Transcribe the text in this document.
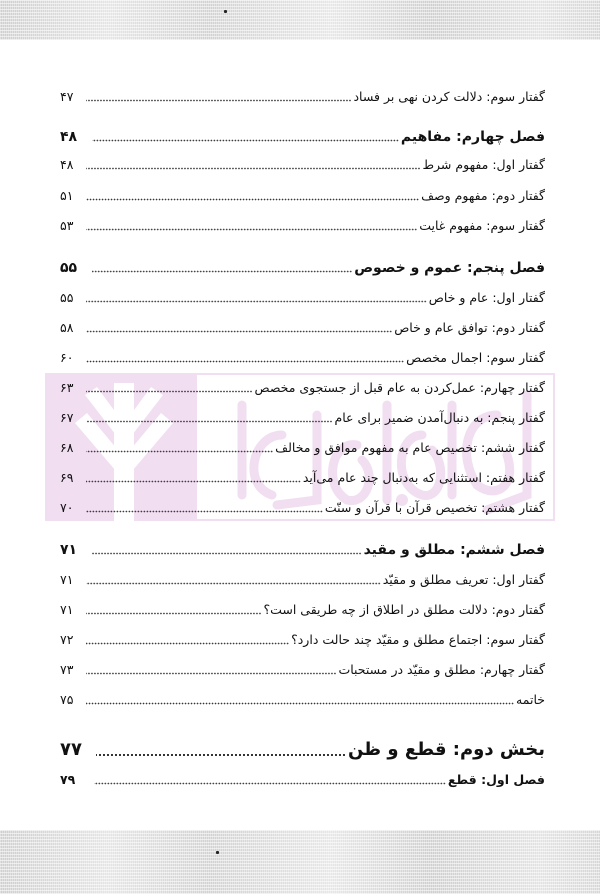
گفتار سوم: دلالت کردن نهی بر فساد
۴۷
فصل چهارم: مفاهیم
۴۸
گفتار اول: مفهوم شرط
۴۸
گفتار دوم: مفهوم وصف
۵۱
گفتار سوم: مفهوم غایت
۵۳
فصل پنجم: عموم و خصوص
۵۵
گفتار اول: عام و خاص
۵۵
گفتار دوم: توافق عام و خاص
۵۸
گفتار سوم: اجمال مخصص
۶۰
گفتار چهارم: عمل‌کردن به عام قبل از جستجوی مخصص
۶۳
گفتار پنجم: به دنبال‌آمدن ضمیر برای عام
۶۷
گفتار ششم: تخصیص عام به مفهوم موافق و مخالف
۶۸
گفتار هفتم: استثنایی که به‌دنبال چند عام می‌آید
۶۹
گفتار هشتم: تخصیص قرآن با قرآن و سنّت
۷۰
فصل ششم: مطلق و مقید
۷۱
گفتار اول: تعریف مطلق و مقیّد
۷۱
گفتار دوم: دلالت مطلق در اطلاق از چه طریقی است؟
۷۱
گفتار سوم: اجتماع مطلق و مقیّد چند حالت دارد؟
۷۲
گفتار چهارم: مطلق و مقیّد در مستحبات
۷۳
خاتمه
۷۵
بخش دوم: قطع و ظن
۷۷
فصل اول: قطع
۷۹
